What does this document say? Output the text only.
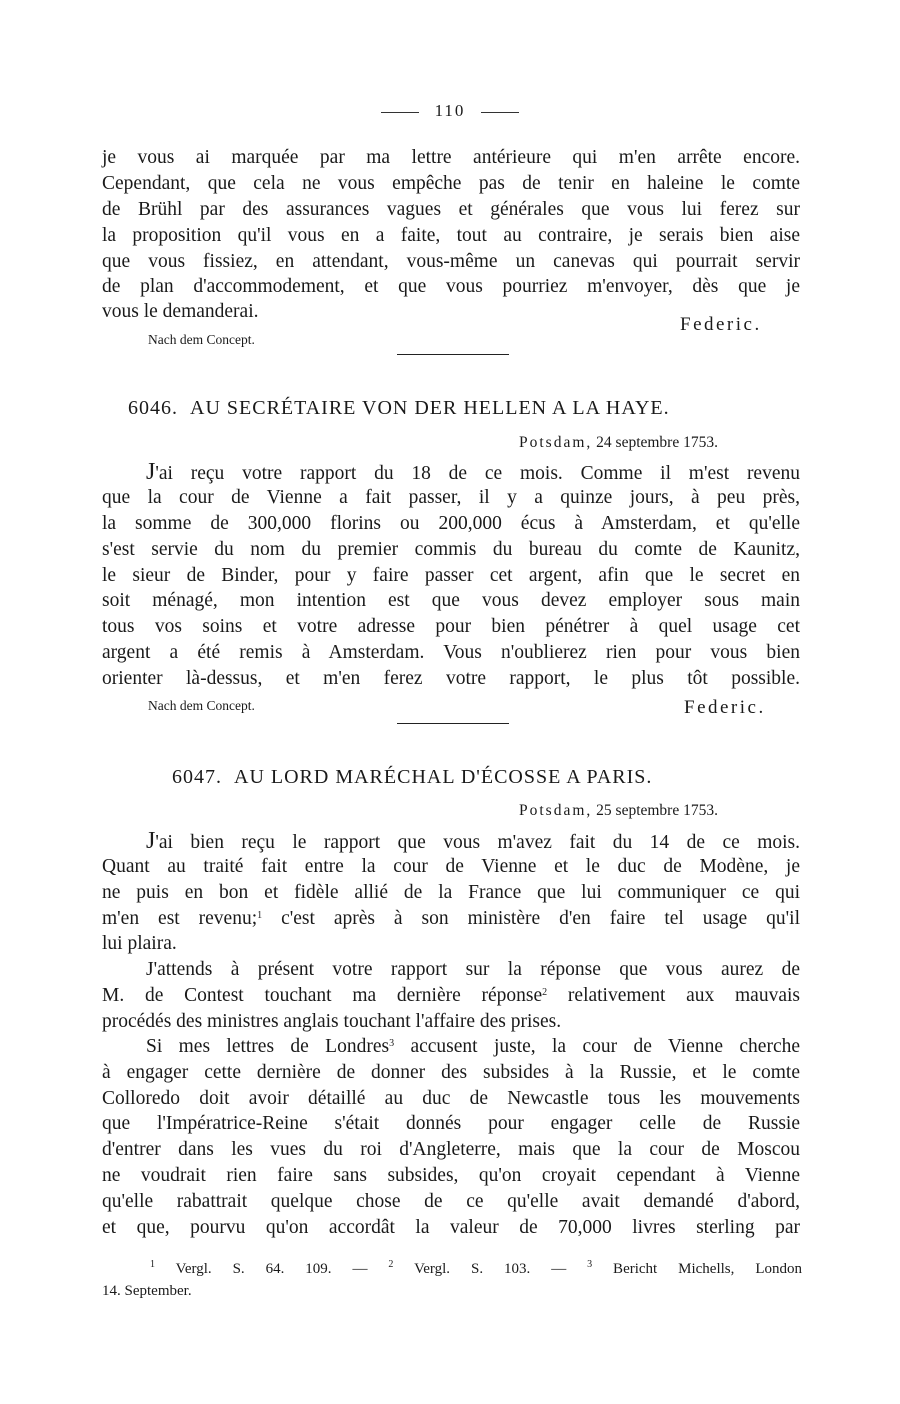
110
je vous ai marquée par ma lettre antérieure qui m'en arrête encore.
Cependant, que cela ne vous empêche pas de tenir en haleine le comte
de Brühl par des assurances vagues et générales que vous lui ferez sur
la proposition qu'il vous en a faite, tout au contraire, je serais bien aise
que vous fissiez, en attendant, vous-même un canevas qui pourrait servir
de plan d'accommodement, et que vous pourriez m'envoyer, dès que je
vous le demanderai.
Federic.
Nach dem Concept.
6046. AU SECRÉTAIRE VON DER HELLEN A LA HAYE.
Potsdam, 24 septembre 1753.
J'ai reçu votre rapport du 18 de ce mois. Comme il m'est revenu
que la cour de Vienne a fait passer, il y a quinze jours, à peu près,
la somme de 300,000 florins ou 200,000 écus à Amsterdam, et qu'elle
s'est servie du nom du premier commis du bureau du comte de Kaunitz,
le sieur de Binder, pour y faire passer cet argent, afin que le secret en
soit ménagé, mon intention est que vous devez employer sous main
tous vos soins et votre adresse pour bien pénétrer à quel usage cet
argent a été remis à Amsterdam. Vous n'oublierez rien pour vous bien
orienter là-dessus, et m'en ferez votre rapport, le plus tôt possible.
Nach dem Concept.	Federic.
6047. AU LORD MARÉCHAL D'ÉCOSSE A PARIS.
Potsdam, 25 septembre 1753.
J'ai bien reçu le rapport que vous m'avez fait du 14 de ce mois.
Quant au traité fait entre la cour de Vienne et le duc de Modène, je
ne puis en bon et fidèle allié de la France que lui communiquer ce qui
m'en est revenu;$^1$ c'est après à son ministère d'en faire tel usage qu'il
lui plaira.
J'attends à présent votre rapport sur la réponse que vous aurez de
M. de Contest touchant ma dernière réponse$^2$ relativement aux mauvais
procédés des ministres anglais touchant l'affaire des prises.
Si mes lettres de Londres$^3$ accusent juste, la cour de Vienne cherche
à engager cette dernière de donner des subsides à la Russie, et le comte
Colloredo doit avoir détaillé au duc de Newcastle tous les mouvements
que l'Impératrice-Reine s'était donnés pour engager celle de Russie
d'entrer dans les vues du roi d'Angleterre, mais que la cour de Moscou
ne voudrait rien faire sans subsides, qu'on croyait cependant à Vienne
qu'elle rabattrait quelque chose de ce qu'elle avait demandé d'abord,
et que, pourvu qu'on accordât la valeur de 70,000 livres sterling par
$^1$ Vergl. S. 64. 109. — $^2$ Vergl. S. 103. — $^3$ Bericht Michells, London
14. September.
